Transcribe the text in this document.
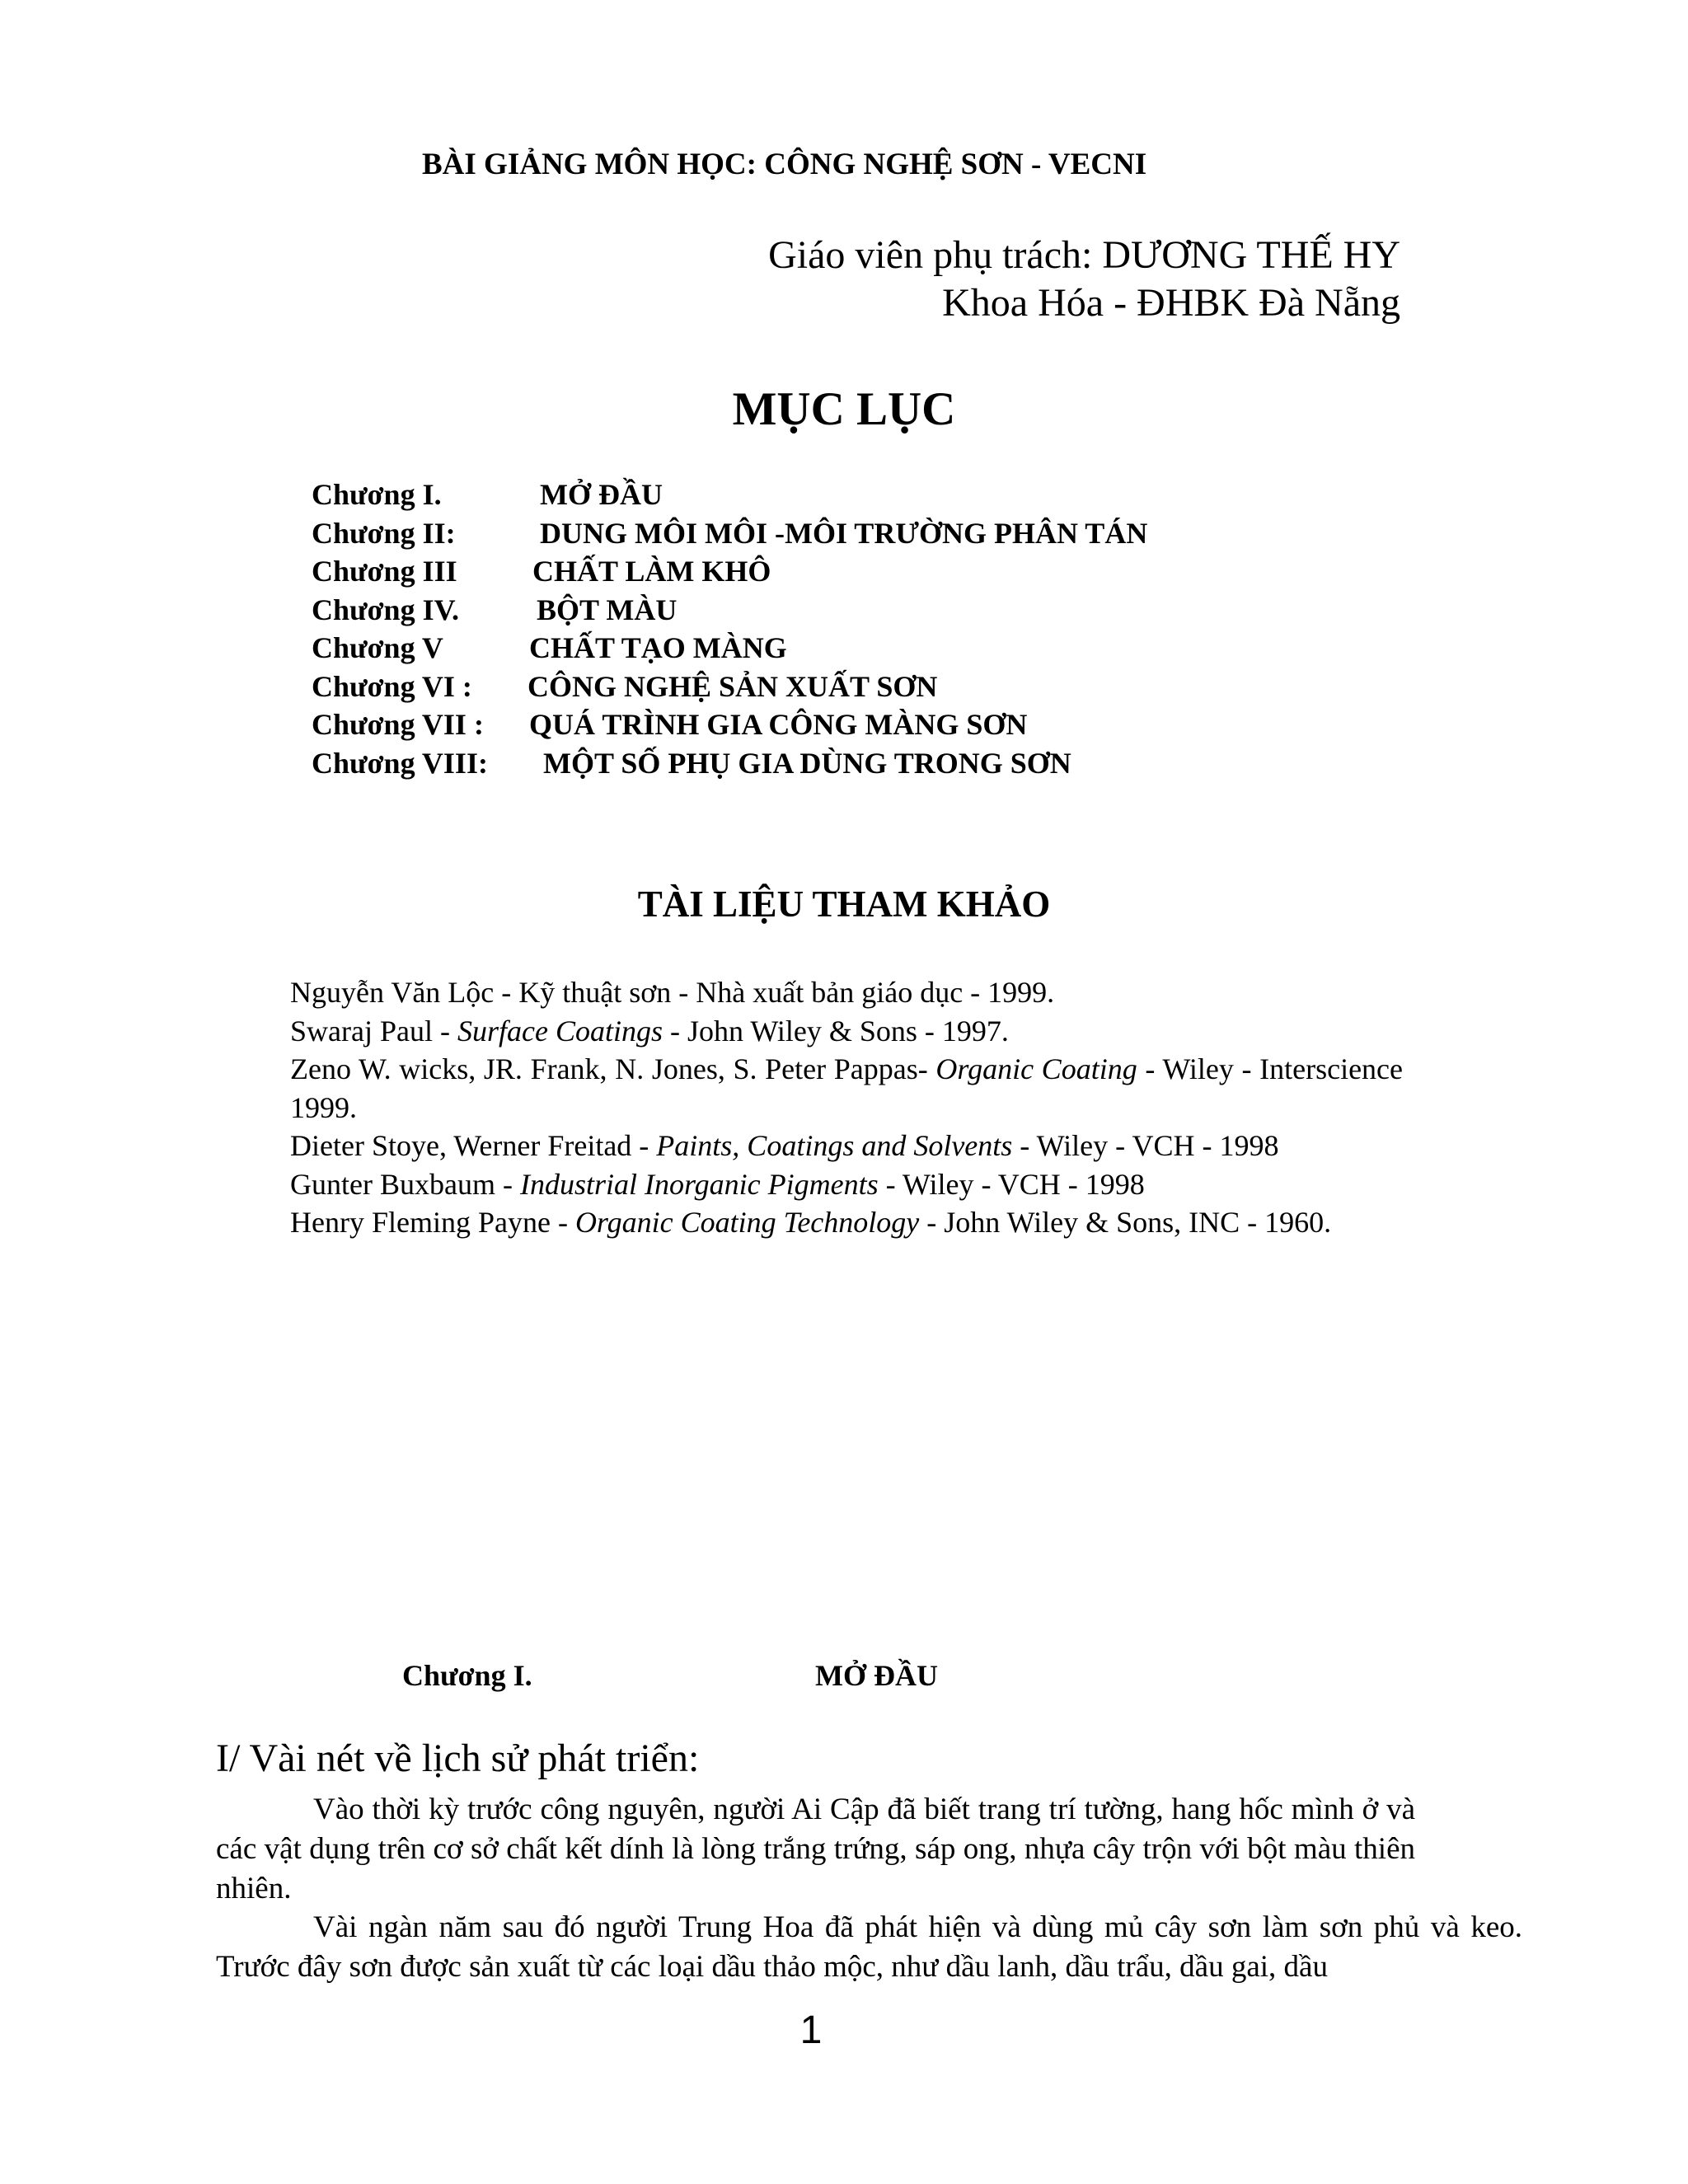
BÀI GIẢNG MÔN HỌC: CÔNG NGHỆ SƠN - VECNI
Giáo viên phụ trách: DƯƠNG THẾ HY
Khoa Hóa - ĐHBK Đà Nẵng
MỤC LỤC
Chương I.	MỞ ĐẦU
Chương II:	DUNG MÔI MÔI -MÔI TRƯỜNG PHÂN TÁN
Chương III	CHẤT LÀM KHÔ
Chương IV.	BỘT MÀU
Chương V	CHẤT TẠO MÀNG
Chương VI : CÔNG NGHỆ SẢN XUẤT SƠN
Chương VII : QUÁ TRÌNH GIA CÔNG MÀNG SƠN
Chương VIII: MỘT SỐ PHỤ GIA DÙNG TRONG SƠN
TÀI LIỆU THAM KHẢO

Nguyễn Văn Lộc - Kỹ thuật sơn - Nhà xuất bản giáo dục - 1999.

Swaraj Paul - Surface Coatings - John Wiley & Sons - 1997.

Zeno W. wicks, JR. Frank, N. Jones, S. Peter Pappas- Organic Coating - Wiley - Interscience 1999.

Dieter Stoye, Werner Freitad - Paints, Coatings and Solvents - Wiley - VCH - 1998

Gunter Buxbaum - Industrial Inorganic Pigments - Wiley - VCH - 1998

Henry Fleming Payne - Organic Coating Technology - John Wiley & Sons, INC - 1960.

Chương I.	MỞ ĐẦU
I/ Vài nét về lịch sử phát triển:

Vào thời kỳ trước công nguyên, người Ai Cập đã biết trang trí tường, hang hốc mình ở và các vật dụng trên cơ sở chất kết dính là lòng trắng trứng, sáp ong, nhựa cây trộn với bột màu thiên nhiên.

Vài ngàn năm sau đó người Trung Hoa đã phát hiện và dùng mủ cây sơn làm sơn phủ và keo. Trước đây sơn được sản xuất từ các loại dầu thảo mộc, như dầu lanh, dầu trẩu, dầu gai, dầu

1
